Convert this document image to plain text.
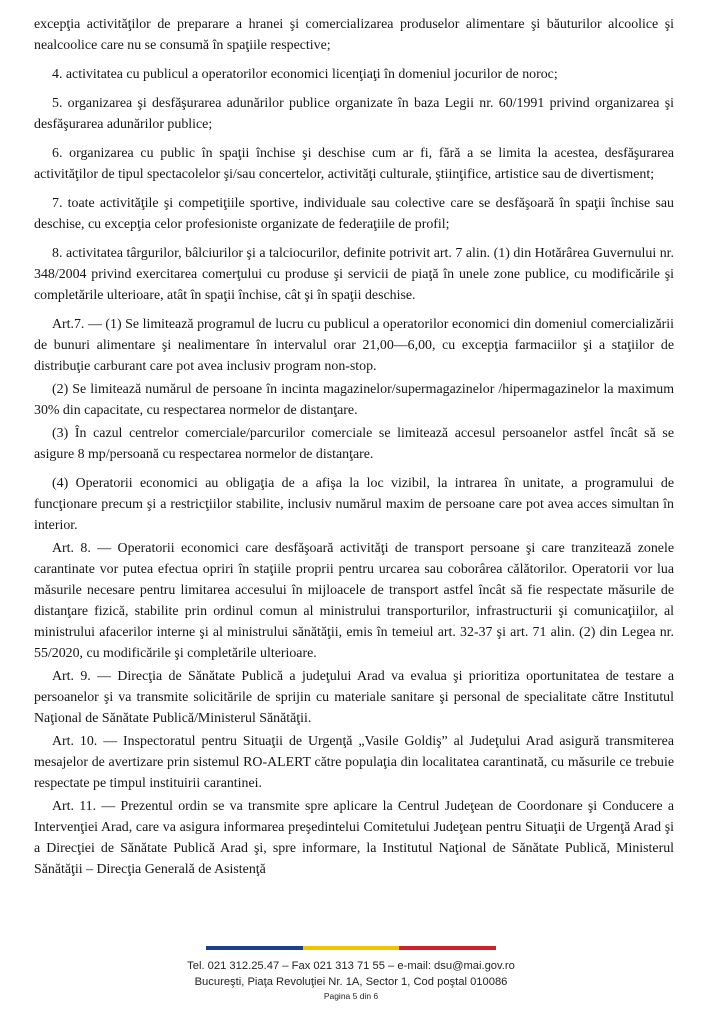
excepţia activităţilor de preparare a hranei şi comercializarea produselor alimentare şi băuturilor alcoolice şi nealcoolice care nu se consumă în spaţiile respective;

4. activitatea cu publicul a operatorilor economici licenţiaţi în domeniul jocurilor de noroc;

5. organizarea şi desfăşurarea adunărilor publice organizate în baza Legii nr. 60/1991 privind organizarea şi desfăşurarea adunărilor publice;

6. organizarea cu public în spaţii închise şi deschise cum ar fi, fără a se limita la acestea, desfăşurarea activităţilor de tipul spectacolelor şi/sau concertelor, activităţi culturale, ştiinţifice, artistice sau de divertisment;

7. toate activităţile şi competiţiile sportive, individuale sau colective care se desfăşoară în spaţii închise sau deschise, cu excepţia celor profesioniste organizate de federaţiile de profil;

8. activitatea târgurilor, bâlciurilor şi a talciocurilor, definite potrivit art. 7 alin. (1) din Hotărârea Guvernului nr. 348/2004 privind exercitarea comerţului cu produse şi servicii de piaţă în unele zone publice, cu modificările şi completările ulterioare, atât în spaţii închise, cât şi în spaţii deschise.

Art.7. — (1) Se limitează programul de lucru cu publicul a operatorilor economici din domeniul comercializării de bunuri alimentare şi nealimentare în intervalul orar 21,00—6,00, cu excepţia farmaciilor şi a staţiilor de distribuţie carburant care pot avea inclusiv program non-stop.

(2) Se limitează numărul de persoane în incinta magazinelor/supermagazinelor /hipermagazinelor la maximum 30% din capacitate, cu respectarea normelor de distanţare.

(3) În cazul centrelor comerciale/parcurilor comerciale se limitează accesul persoanelor astfel încât să se asigure 8 mp/persoană cu respectarea normelor de distanţare.

(4) Operatorii economici au obligaţia de a afişa la loc vizibil, la intrarea în unitate, a programului de funcţionare precum şi a restricţiilor stabilite, inclusiv numărul maxim de persoane care pot avea acces simultan în interior.

Art. 8. — Operatorii economici care desfăşoară activităţi de transport persoane şi care tranzitează zonele carantinate vor putea efectua opriri în staţiile proprii pentru urcarea sau coborârea călătorilor. Operatorii vor lua măsurile necesare pentru limitarea accesului în mijloacele de transport astfel încât să fie respectate măsurile de distanţare fizică, stabilite prin ordinul comun al ministrului transporturilor, infrastructurii şi comunicaţiilor, al ministrului afacerilor interne şi al ministrului sănătăţii, emis în temeiul art. 32-37 şi art. 71 alin. (2) din Legea nr. 55/2020, cu modificările şi completările ulterioare.

Art. 9. — Direcţia de Sănătate Publică a judeţului Arad va evalua şi prioritiza oportunitatea de testare a persoanelor şi va transmite solicitările de sprijin cu materiale sanitare şi personal de specialitate către Institutul Naţional de Sănătate Publică/Ministerul Sănătăţii.

Art. 10. — Inspectoratul pentru Situaţii de Urgenţă „Vasile Goldiş” al Judeţului Arad asigură transmiterea mesajelor de avertizare prin sistemul RO-ALERT către populaţia din localitatea carantinată, cu măsurile ce trebuie respectate pe timpul instituirii carantinei.

Art. 11. — Prezentul ordin se va transmite spre aplicare la Centrul Judeţean de Coordonare şi Conducere a Intervenţiei Arad, care va asigura informarea preşedintelui Comitetului Judeţean pentru Situaţii de Urgenţă Arad şi a Direcţiei de Sănătate Publică Arad şi, spre informare, la Institutul Naţional de Sănătate Publică, Ministerul Sănătăţii – Direcţia Generală de Asistenţă

Tel. 021 312.25.47 – Fax 021 313 71 55 – e-mail: dsu@mai.gov.ro
Bucureşti, Piaţa Revoluţiei Nr. 1A, Sector 1, Cod poştal 010086
Pagina 5 din 6
